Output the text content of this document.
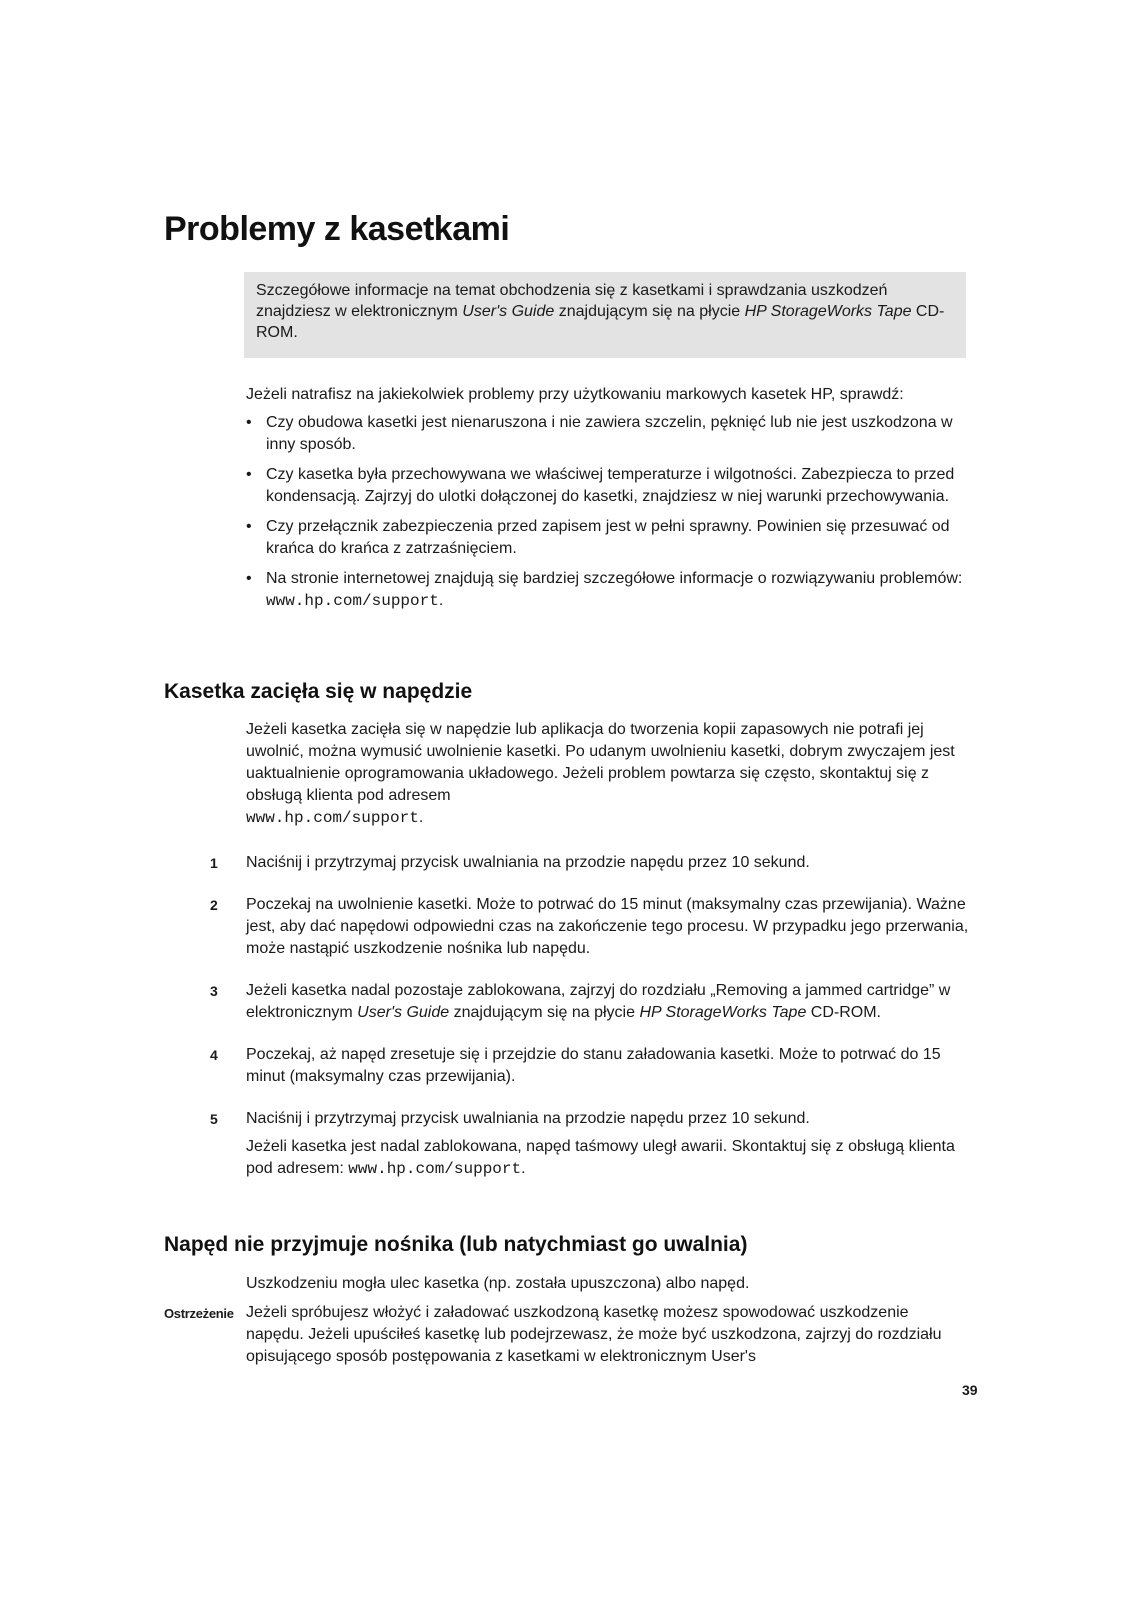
Problemy z kasetkami
Szczegółowe informacje na temat obchodzenia się z kasetkami i sprawdzania uszkodzeń znajdziesz w elektronicznym User's Guide znajdującym się na płycie HP StorageWorks Tape CD-ROM.
Jeżeli natrafisz na jakiekolwiek problemy przy użytkowaniu markowych kasetek HP, sprawdź:
• Czy obudowa kasetki jest nienaruszona i nie zawiera szczelin, pęknięć lub nie jest uszkodzona w inny sposób.
• Czy kasetka była przechowywana we właściwej temperaturze i wilgotności. Zabezpiecza to przed kondensacją. Zajrzyj do ulotki dołączonej do kasetki, znajdziesz w niej warunki przechowywania.
• Czy przełącznik zabezpieczenia przed zapisem jest w pełni sprawny. Powinien się przesuwać od krańca do krańca z zatrzaśnięciem.
• Na stronie internetowej znajdują się bardziej szczegółowe informacje o rozwiązywaniu problemów:
www.hp.com/support.
Kasetka zacięła się w napędzie
Jeżeli kasetka zacięła się w napędzie lub aplikacja do tworzenia kopii zapasowych nie potrafi jej uwolnić, można wymusić uwolnienie kasetki. Po udanym uwolnieniu kasetki, dobrym zwyczajem jest uaktualnienie oprogramowania układowego. Jeżeli problem powtarza się często, skontaktuj się z obsługą klienta pod adresem
www.hp.com/support.
1 Naciśnij i przytrzymaj przycisk uwalniania na przodzie napędu przez 10 sekund.
2 Poczekaj na uwolnienie kasetki. Może to potrwać do 15 minut (maksymalny czas przewijania). Ważne jest, aby dać napędowi odpowiedni czas na zakończenie tego procesu. W przypadku jego przerwania, może nastąpić uszkodzenie nośnika lub napędu.
3 Jeżeli kasetka nadal pozostaje zablokowana, zajrzyj do rozdziału „Removing a jammed cartridge” w elektronicznym User's Guide znajdującym się na płycie HP StorageWorks Tape CD-ROM.
4 Poczekaj, aż napęd zresetuje się i przejdzie do stanu załadowania kasetki. Może to potrwać do 15 minut (maksymalny czas przewijania).
5 Naciśnij i przytrzymaj przycisk uwalniania na przodzie napędu przez 10 sekund.
Jeżeli kasetka jest nadal zablokowana, napęd taśmowy uległ awarii. Skontaktuj się z obsługą klienta pod adresem: www.hp.com/support.
Napęd nie przyjmuje nośnika (lub natychmiast go uwalnia)
Uszkodzeniu mogła ulec kasetka (np. została upuszczona) albo napęd.
Ostrzeżenie Jeżeli spróbujesz włożyć i załadować uszkodzoną kasetkę możesz spowodować uszkodzenie napędu. Jeżeli upuściłeś kasetkę lub podejrzewasz, że może być uszkodzona, zajrzyj do rozdziału opisującego sposób postępowania z kasetkami w elektronicznym User's
39
